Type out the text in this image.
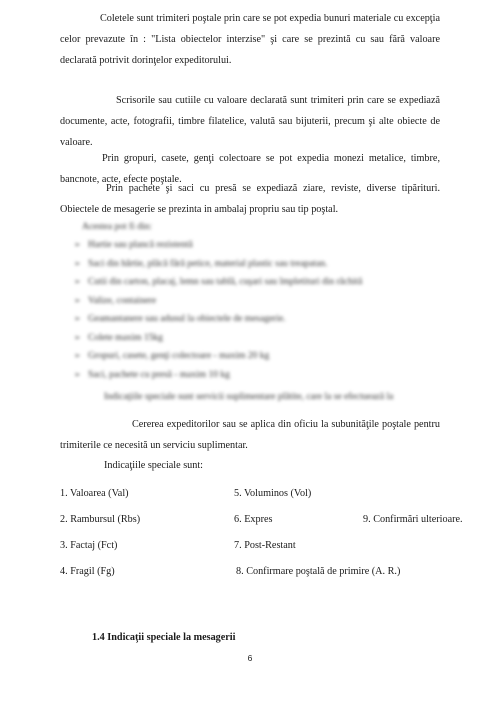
Coletele sunt trimiteri poştale prin care se pot expedia bunuri materiale cu excepţia celor prevazute în : "Lista obiectelor interzise" şi care se prezintă cu sau fără valoare declarată potrivit dorinţelor expeditorului.

Scrisorile sau cutiile cu valoare declarată sunt trimiteri prin care se expediază documente, acte, fotografii, timbre filatelice, valută sau bijuterii, precum şi alte obiecte de valoare.

Prin gropuri, casete, genţi colectoare se pot expedia monezi metalice, timbre, bancnote, acte, efecte poştale.

Prin pachete şi saci cu presă se expediază ziare, reviste, diverse tipărituri. Obiectele de mesagerie se prezinta in ambalaj propriu sau tip poştal.

Acestea pot fi din:
➢ Hartie sau plancă rezistentă
➢ Saci din hârtie, plăcă fără petice, material plastic sau treapatan.
➢ Cutii din carton, placaj, lemn sau tablă, cuşari sau împletituri din răchită
➢ Valize, containere
➢ Geamantanere sau adusul la obiectele de mesagerie.
➢ Colete maxim 15kg
➢ Gropuri, casete, genţi colectoare - maxim 20 kg
➢ Saci, pachete cu presă - maxim 10 kg
Indicaţiile speciale sunt servicii suplimentare plătite, care la se efectuează la

Cererea expeditorilor sau se aplica din oficiu la subunităţile poştale pentru trimiterile ce necesită un serviciu suplimentar.

Indicaţiile speciale sunt:

1. Valoarea (Val)	5. Voluminos (Vol)

2. Rambursul (Rbs)	6. Expres	9. Confirmări ulterioare.

3. Factaj (Fct)	7. Post-Restant

4. Fragil (Fg)	8. Confirmare poştală de primire (A. R.)

1.4 Indicaţii speciale la mesagerii
6
